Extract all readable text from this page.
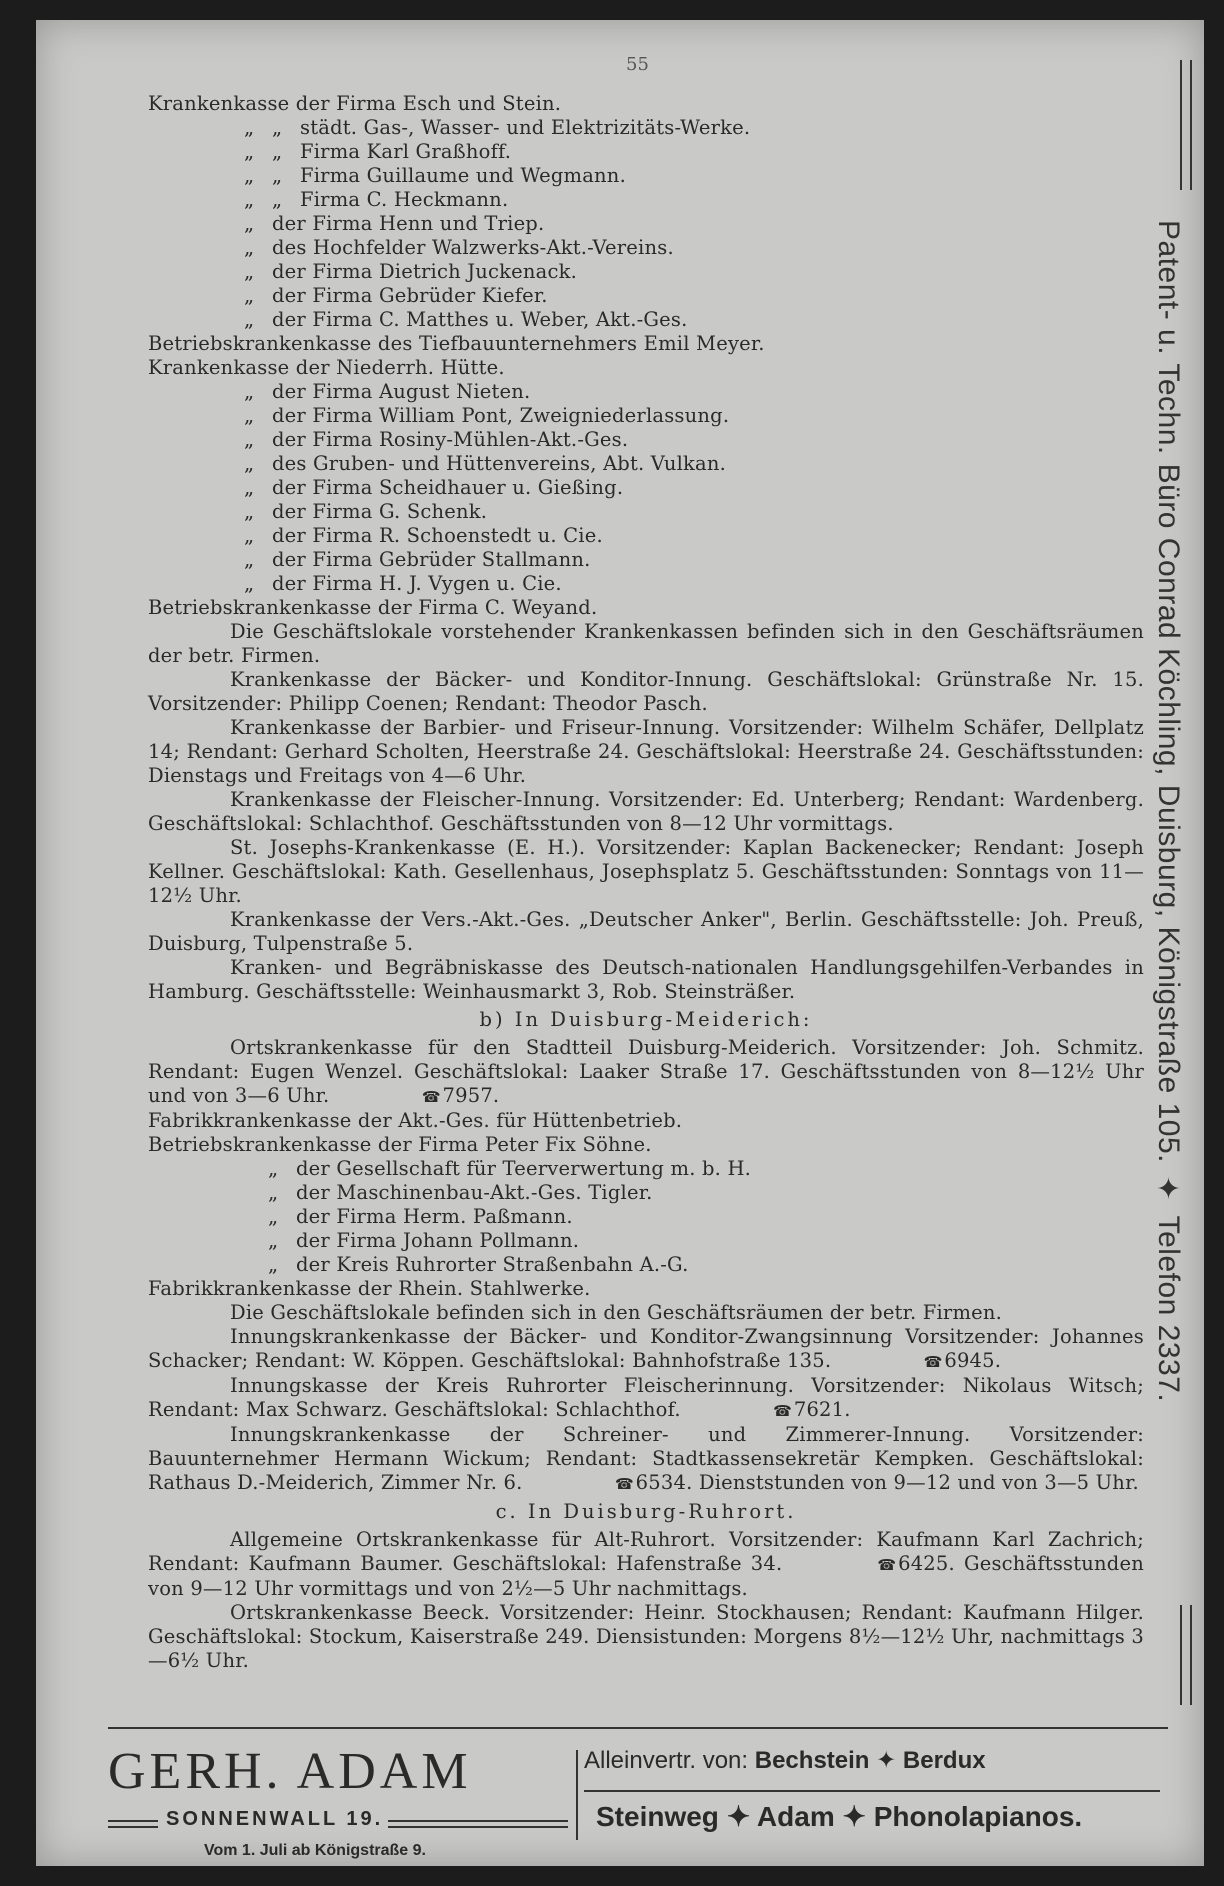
55
Krankenkasse der Firma Esch und Stein.
„ „ städt. Gas-, Wasser- und Elektrizitäts-Werke.
„ „ Firma Karl Graßhoff.
„ „ Firma Guillaume und Wegmann.
„ „ Firma C. Heckmann.
„ der Firma Henn und Triep.
„ des Hochfelder Walzwerks-Akt.-Vereins.
„ der Firma Dietrich Juckenack.
„ der Firma Gebrüder Kiefer.
„ der Firma C. Matthes u. Weber, Akt.-Ges.
Betriebskrankenkasse des Tiefbauunternehmers Emil Meyer.
Krankenkasse der Niederrh. Hütte.
„ der Firma August Nieten.
„ der Firma William Pont, Zweigniederlassung.
„ der Firma Rosiny-Mühlen-Akt.-Ges.
„ des Gruben- und Hüttenvereins, Abt. Vulkan.
„ der Firma Scheidhauer u. Gießing.
„ der Firma G. Schenk.
„ der Firma R. Schoenstedt u. Cie.
„ der Firma Gebrüder Stallmann.
„ der Firma H. J. Vygen u. Cie.
Betriebskrankenkasse der Firma C. Weyand.

Die Geschäftslokale vorstehender Krankenkassen befinden sich in den Geschäftsräumen der betr. Firmen.

Krankenkasse der Bäcker- und Konditor-Innung. Geschäftslokal: Grünstraße Nr. 15. Vorsitzender: Philipp Coenen; Rendant: Theodor Pasch.

Krankenkasse der Barbier- und Friseur-Innung. Vorsitzender: Wilhelm Schäfer, Dellplatz 14; Rendant: Gerhard Scholten, Heerstraße 24. Geschäftslokal: Heerstraße 24. Geschäftsstunden: Dienstags und Freitags von 4—6 Uhr.

Krankenkasse der Fleischer-Innung. Vorsitzender: Ed. Unterberg; Rendant: Wardenberg. Geschäftslokal: Schlachthof. Geschäftsstunden von 8—12 Uhr vormittags.

St. Josephs-Krankenkasse (E. H.). Vorsitzender: Kaplan Backenecker; Rendant: Joseph Kellner. Geschäftslokal: Kath. Gesellenhaus, Josephsplatz 5. Geschäftsstunden: Sonntags von 11—12½ Uhr.

Krankenkasse der Vers.-Akt.-Ges. „Deutscher Anker", Berlin. Geschäftsstelle: Joh. Preuß, Duisburg, Tulpenstraße 5.

Kranken- und Begräbniskasse des Deutsch-nationalen Handlungsgehilfen-Verbandes in Hamburg. Geschäftsstelle: Weinhausmarkt 3, Rob. Steinsträßer.

b) In Duisburg-Meiderich:

Ortskrankenkasse für den Stadtteil Duisburg-Meiderich. Vorsitzender: Joh. Schmitz. Rendant: Eugen Wenzel. Geschäftslokal: Laaker Straße 17. Geschäftsstunden von 8—12½ Uhr und von 3—6 Uhr.	☎ 7957.

Fabrikkrankenkasse der Akt.-Ges. für Hüttenbetrieb.
Betriebskrankenkasse der Firma Peter Fix Söhne.
„ der Gesellschaft für Teerverwertung m. b. H.
„ der Maschinenbau-Akt.-Ges. Tigler.
„ der Firma Herm. Paßmann.
„ der Firma Johann Pollmann.
„ der Kreis Ruhrorter Straßenbahn A.-G.
Fabrikkrankenkasse der Rhein. Stahlwerke.

Die Geschäftslokale befinden sich in den Geschäftsräumen der betr. Firmen.

Innungskrankenkasse der Bäcker- und Konditor-Zwangsinnung Vorsitzender: Johannes Schacker; Rendant: W. Köppen. Geschäftslokal: Bahnhofstraße 135.	☎ 6945.

Innungskasse der Kreis Ruhrorter Fleischerinnung. Vorsitzender: Nikolaus Witsch; Rendant: Max Schwarz. Geschäftslokal: Schlachthof.	☎ 7621.

Innungskrankenkasse der Schreiner- und Zimmerer-Innung. Vorsitzender: Bauunternehmer Hermann Wickum; Rendant: Stadtkassensekretär Kempken. Geschäftslokal: Rathaus D.-Meiderich, Zimmer Nr. 6.	☎ 6534. Dienststunden von 9—12 und von 3—5 Uhr.

c. In Duisburg-Ruhrort.

Allgemeine Ortskrankenkasse für Alt-Ruhrort. Vorsitzender: Kaufmann Karl Zachrich; Rendant: Kaufmann Baumer. Geschäftslokal: Hafenstraße 34.	☎ 6425. Geschäftsstunden von 9—12 Uhr vormittags und von 2½—5 Uhr nachmittags.

Ortskrankenkasse Beeck. Vorsitzender: Heinr. Stockhausen; Rendant: Kaufmann Hilger. Geschäftslokal: Stockum, Kaiserstraße 249. Diensistunden: Morgens 8½—12½ Uhr, nachmittags 3—6½ Uhr.

Patent- u. Techn. Büro Conrad Köchling, Duisburg, Königstraße 105. ✦ Telefon 2337.
GERH. ADAM
SONNENWALL 19.
Vom 1. Juli ab Königstraße 9.
Alleinvertr. von: Bechstein ✦ Berdux
Steinweg ✦ Adam ✦ Phonolapianos.
